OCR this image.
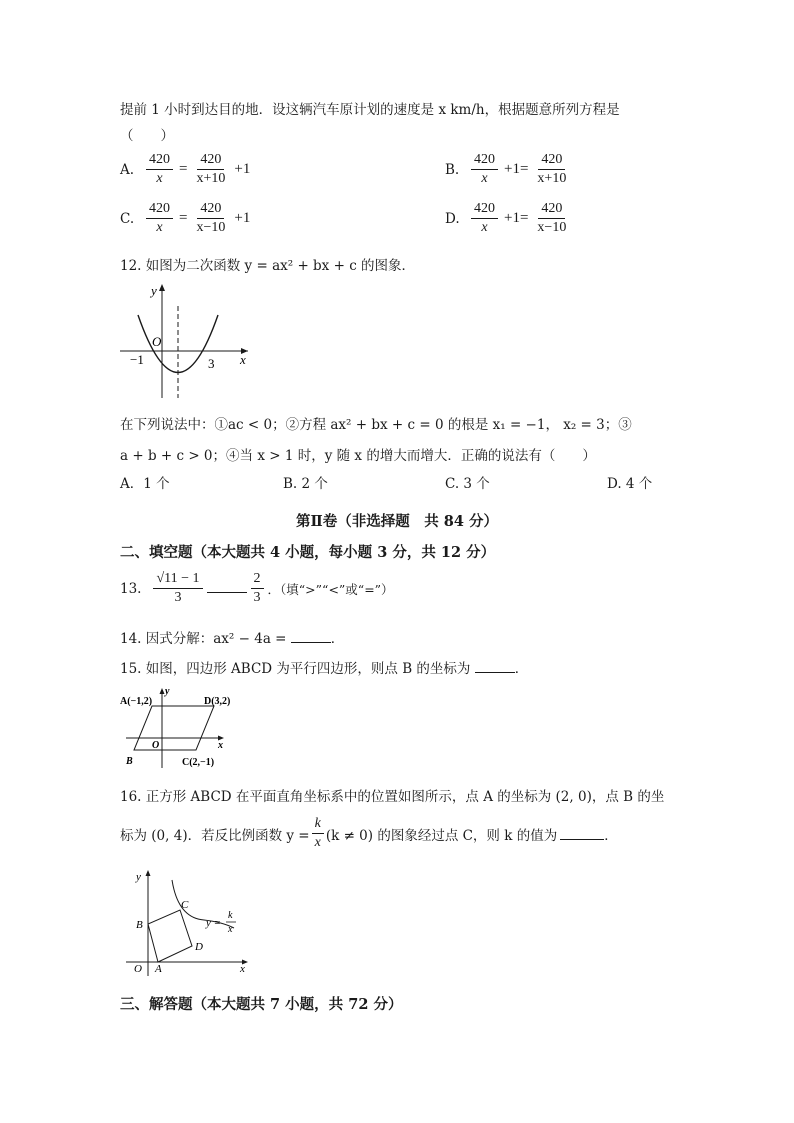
提前 1 小时到达目的地．设这辆汽车原计划的速度是 x km/h，根据题意所列方程是
（　　）
A. $\frac{420}{x} = \frac{420}{x+10} +1$	B. $\frac{420}{x} +1= \frac{420}{x+10}$
C. $\frac{420}{x} = \frac{420}{x-10} +1$	D. $\frac{420}{x} +1= \frac{420}{x-10}$
12. 如图为二次函数 y = ax² + bx + c 的图象．
y
x
O
−1	3
在下列说法中：①ac < 0；②方程 ax² + bx + c = 0 的根是 x₁ = −1， x₂ = 3；③
a + b + c > 0；④当 x > 1 时，y 随 x 的增大而增大．正确的说法有（　　）
A．1 个	B. 2 个	C. 3 个	D. 4 个
第Ⅱ卷（非选择题　共 84 分）
二、填空题（本大题共 4 小题，每小题 3 分，共 12 分）
13. $\frac{√11 - 1}{3}$	$\frac{2}{3}$ ．（填“>”“<”或“=”）
14. 因式分解：ax² − 4a =	．
15. 如图，四边形 ABCD 为平行四边形，则点 B 的坐标为	．
y
x
O
A(−1,2)	D(3,2)
B	C(2,−1)
16. 正方形 ABCD 在平面直角坐标系中的位置如图所示，点 A 的坐标为 (2, 0)，点 B 的坐
标为 (0, 4)．若反比例函数 $y = \frac{k}{x} (k \ne 0)$ 的图象经过点 C，则 k 的值为	．
y
x
O A
B
C
D
y =
k
x
三、解答题（本大题共 7 小题，共 72 分）
